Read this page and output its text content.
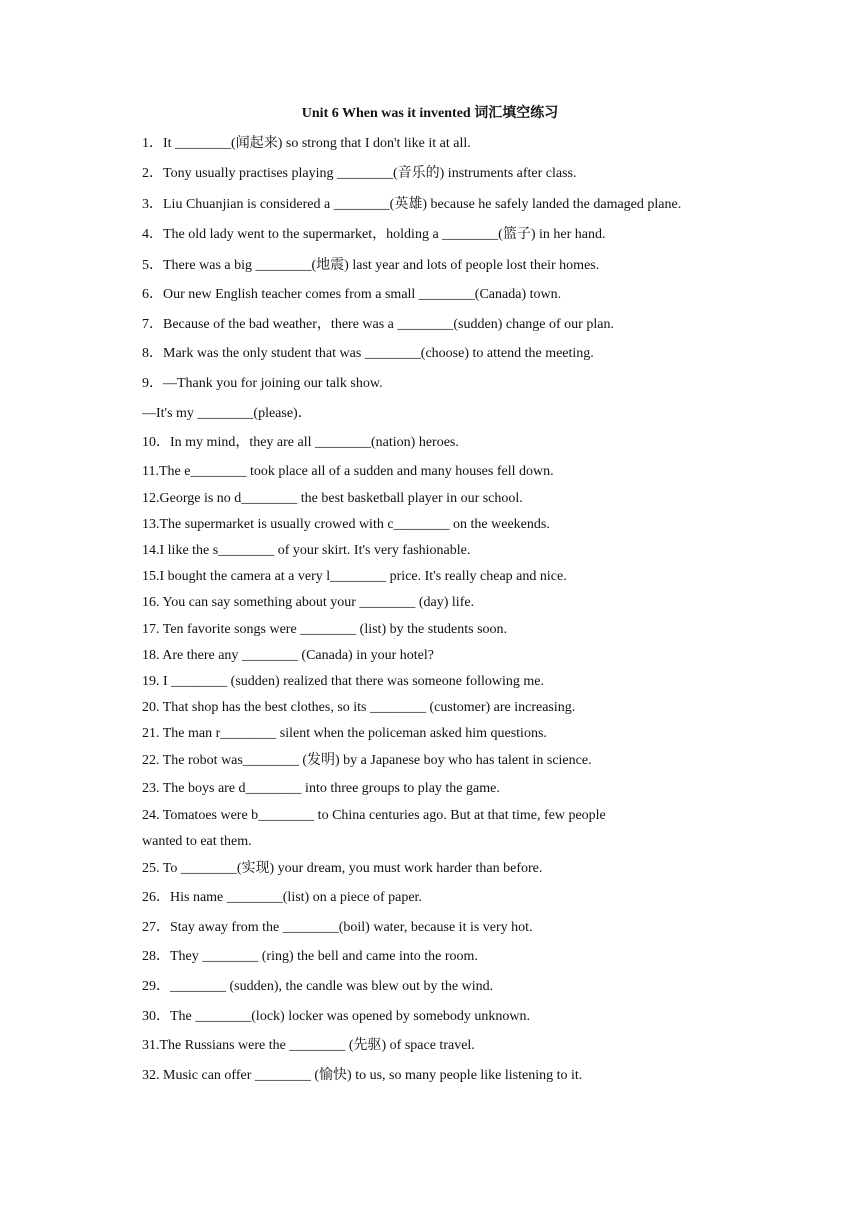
Unit 6 When was it invented 词汇填空练习
1．It ________(闻起来) so strong that I don't like it at all.
2．Tony usually practises playing ________(音乐的) instruments after class.
3．Liu Chuanjian is considered a ________(英雄) because he safely landed the damaged plane.
4．The old lady went to the supermarket，holding a ________(篮子) in her hand.
5．There was a big ________(地震) last year and lots of people lost their homes.
6．Our new English teacher comes from a small ________(Canada) town.
7．Because of the bad weather，there was a ________(sudden) change of our plan.
8．Mark was the only student that was ________(choose) to attend the meeting.
9．—Thank you for joining our talk show.
—It's my ________(please)．
10．In my mind，they are all ________(nation) heroes.
11.The e________ took place all of a sudden and many houses fell down.
12.George is no d________ the best basketball player in our school.
13.The supermarket is usually crowed with c________ on the weekends.
14.I like the s________ of your skirt. It's very fashionable.
15.I bought the camera at a very l________ price. It's really cheap and nice.
16. You can say something about your ________ (day) life.
17. Ten favorite songs were ________ (list) by the students soon.
18. Are there any ________ (Canada) in your hotel?
19. I ________ (sudden) realized that there was someone following me.
20. That shop has the best clothes, so its ________ (customer) are increasing.
21. The man r________ silent when the policeman asked him questions.
22. The robot was________ (发明) by a Japanese boy who has talent in science.
23. The boys are d________ into three groups to play the game.
24. Tomatoes were b________ to China centuries ago. But at that time, few people
wanted to eat them.
25. To ________(实现) your dream, you must work harder than before.
26．His name ________(list) on a piece of paper.
27．Stay away from the ________(boil) water, because it is very hot.
28．They ________ (ring) the bell and came into the room.
29．________ (sudden), the candle was blew out by the wind.
30．The ________(lock) locker was opened by somebody unknown.
31.The Russians were the ________ (先驱) of space travel.
32. Music can offer ________ (愉快) to us, so many people like listening to it.
